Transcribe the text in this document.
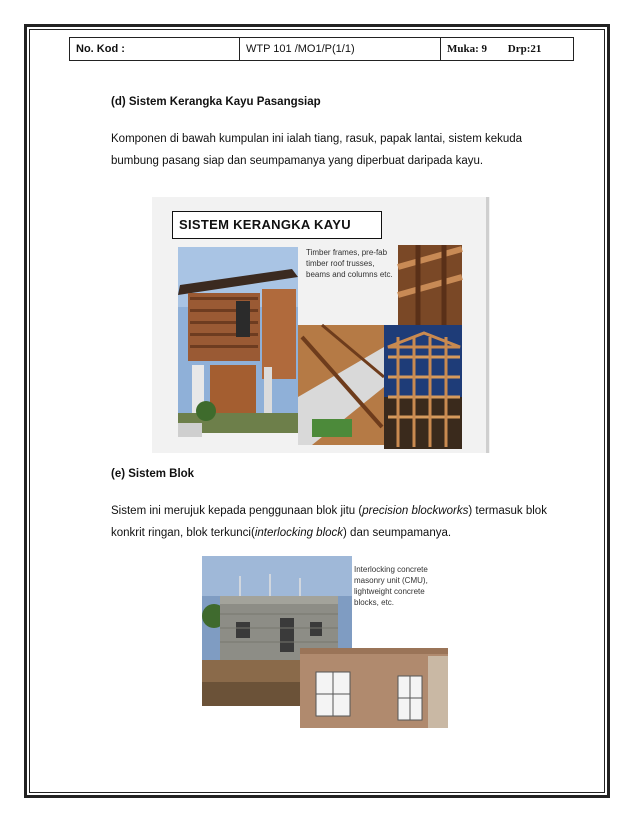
No. Kod :	WTP 101 /MO1/P(1/1)	Muka: 9 Drp:21
(d) Sistem Kerangka Kayu Pasangsiap
Komponen di bawah kumpulan ini ialah tiang, rasuk, papak lantai, sistem kekuda
bumbung pasang siap dan seumpamanya yang diperbuat daripada kayu.
SISTEM KERANGKA KAYU
Timber frames, pre-fab timber roof trusses, beams and columns etc.
(e) Sistem Blok
Sistem ini merujuk kepada penggunaan blok jitu (precision blockworks) termasuk blok
konkrit ringan, blok terkunci(interlocking block) dan seumpamanya.
Interlocking concrete masonry unit (CMU), lightweight concrete blocks, etc.
